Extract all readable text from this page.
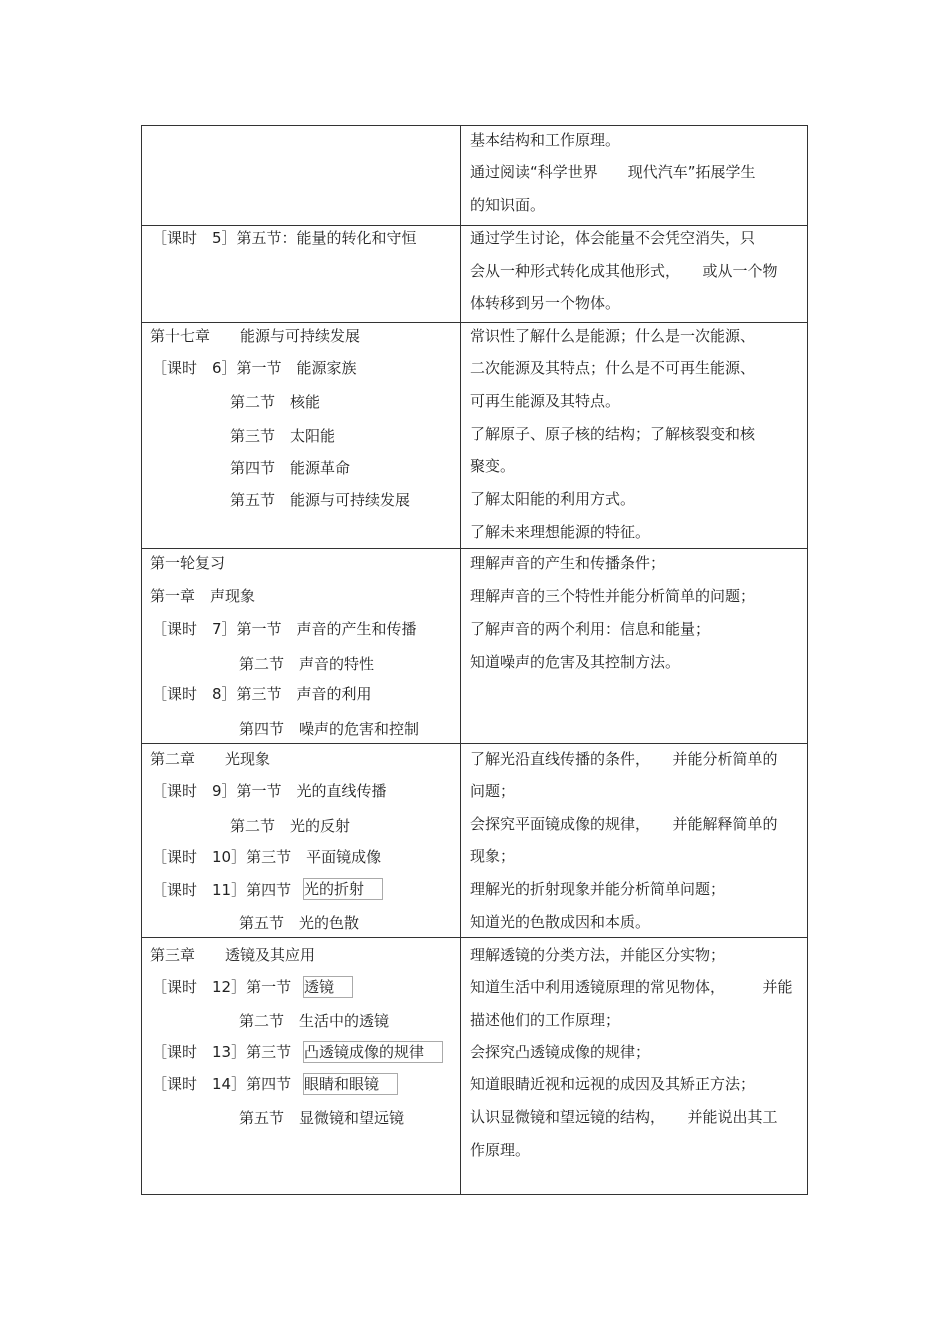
基本结构和工作原理。
通过阅读“科学世界　　现代汽车”拓展学生
的知识面。
［课时　5］第五节：能量的转化和守恒	通过学生讨论，体会能量不会凭空消失，只
会从一种形式转化成其他形式，　　或从一个物
体转移到另一个物体。
第十七章　　能源与可持续发展
［课时　6］第一节　能源家族
第二节　核能
第三节　太阳能
第四节　能源革命
第五节　能源与可持续发展
常识性了解什么是能源；什么是一次能源、
二次能源及其特点；什么是不可再生能源、
可再生能源及其特点。
了解原子、原子核的结构；了解核裂变和核
聚变。
了解太阳能的利用方式。
了解未来理想能源的特征。
第一轮复习
第一章　声现象
［课时　7］第一节　声音的产生和传播
第二节　声音的特性
［课时　8］第三节　声音的利用
第四节　噪声的危害和控制
理解声音的产生和传播条件；
理解声音的三个特性并能分析简单的问题；
了解声音的两个利用：信息和能量；
知道噪声的危害及其控制方法。
第二章　　光现象
［课时　9］第一节　光的直线传播
第二节　光的反射
［课时　10］第三节　平面镜成像
［课时　11］第四节 光的折射
第五节　光的色散
了解光沿直线传播的条件，　　并能分析简单的
问题；
会探究平面镜成像的规律，　　并能解释简单的
现象；
理解光的折射现象并能分析简单问题；
知道光的色散成因和本质。
第三章　　透镜及其应用
［课时　12］第一节 透镜
第二节　生活中的透镜
［课时　13］第三节 凸透镜成像的规律
［课时　14］第四节 眼睛和眼镜
第五节　显微镜和望远镜
理解透镜的分类方法，并能区分实物；
知道生活中利用透镜原理的常见物体，　　　并能
描述他们的工作原理；
会探究凸透镜成像的规律；
知道眼睛近视和远视的成因及其矫正方法；
认识显微镜和望远镜的结构，　　并能说出其工
作原理。
